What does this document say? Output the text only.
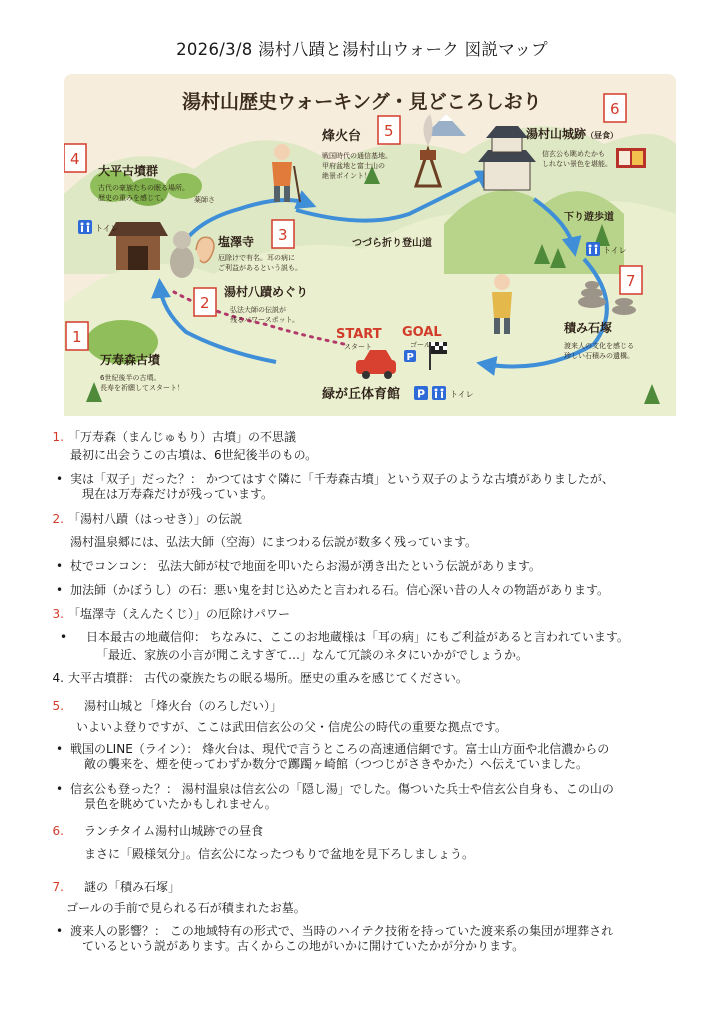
2026/3/8 湯村八蹟と湯村山ウォーク 図説マップ
湯村山歴史ウォーキング・見どころしおり
大平古墳群
古代の豪族たちの眠る場所。
歴史の重みを感じて。	薬師さ
塩澤寺
厄除けで有名。耳の病に
ご利益があるという説も。
湯村八蹟めぐり
弘法大師の伝説が
残るパワースポット。
烽火台
戦国時代の通信基地。
甲府盆地と富士山の
絶景ポイント！
湯村山城跡（昼食）
信玄公も眺めたかも
しれない景色を堪能。
つづら折り登山道
下り遊歩道
積み石塚
渡来人の文化を感じる
珍しい石積みの遺構。
万寿森古墳
6世紀後半の古墳。
長寿を祈願してスタート！
START
スタート
GOAL
ゴール
P
緑が丘体育館 P	トイレ
トイレ
トイレ
1
2
3
4
5
6
7
1. 「万寿森（まんじゅもり）古墳」の不思議
最初に出会うこの古墳は、6世紀後半のもの。
• 実は「双子」だった？： かつてはすぐ隣に「千寿森古墳」という双子のような古墳がありましたが、
現在は万寿森だけが残っています。
2. 「湯村八蹟（はっせき）」の伝説
湯村温泉郷には、弘法大師（空海）にまつわる伝説が数多く残っています。
• 杖でコンコン： 弘法大師が杖で地面を叩いたらお湯が湧き出たという伝説があります。
• 加法師（かぼうし）の石：悪い鬼を封じ込めたと言われる石。信心深い昔の人々の物語があります。
3. 「塩澤寺（えんたくじ）」の厄除けパワー
• 日本最古の地蔵信仰： ちなみに、ここのお地蔵様は「耳の病」にもご利益があると言われています。
「最近、家族の小言が聞こえすぎて…」なんて冗談のネタにいかがでしょうか。
4. 大平古墳群： 古代の豪族たちの眠る場所。歴史の重みを感じてください。
5.	湯村山城と「烽火台（のろしだい）」
いよいよ登りですが、ここは武田信玄公の父・信虎公の時代の重要な拠点です。
• 戦国のLINE（ライン）： 烽火台は、現代で言うところの高速通信網です。富士山方面や北信濃からの
敵の襲来を、煙を使ってわずか数分で躑躅ヶ崎館（つつじがさきやかた）へ伝えていました。
• 信玄公も登った？： 湯村温泉は信玄公の「隠し湯」でした。傷ついた兵士や信玄公自身も、この山の
景色を眺めていたかもしれません。
6.	ランチタイム湯村山城跡での昼食
まさに「殿様気分」。信玄公になったつもりで盆地を見下ろしましょう。
7.	謎の「積み石塚」
ゴールの手前で見られる石が積まれたお墓。
• 渡来人の影響？： この地域特有の形式で、当時のハイテク技術を持っていた渡来系の集団が埋葬され
ているという説があります。古くからこの地がいかに開けていたかが分かります。
